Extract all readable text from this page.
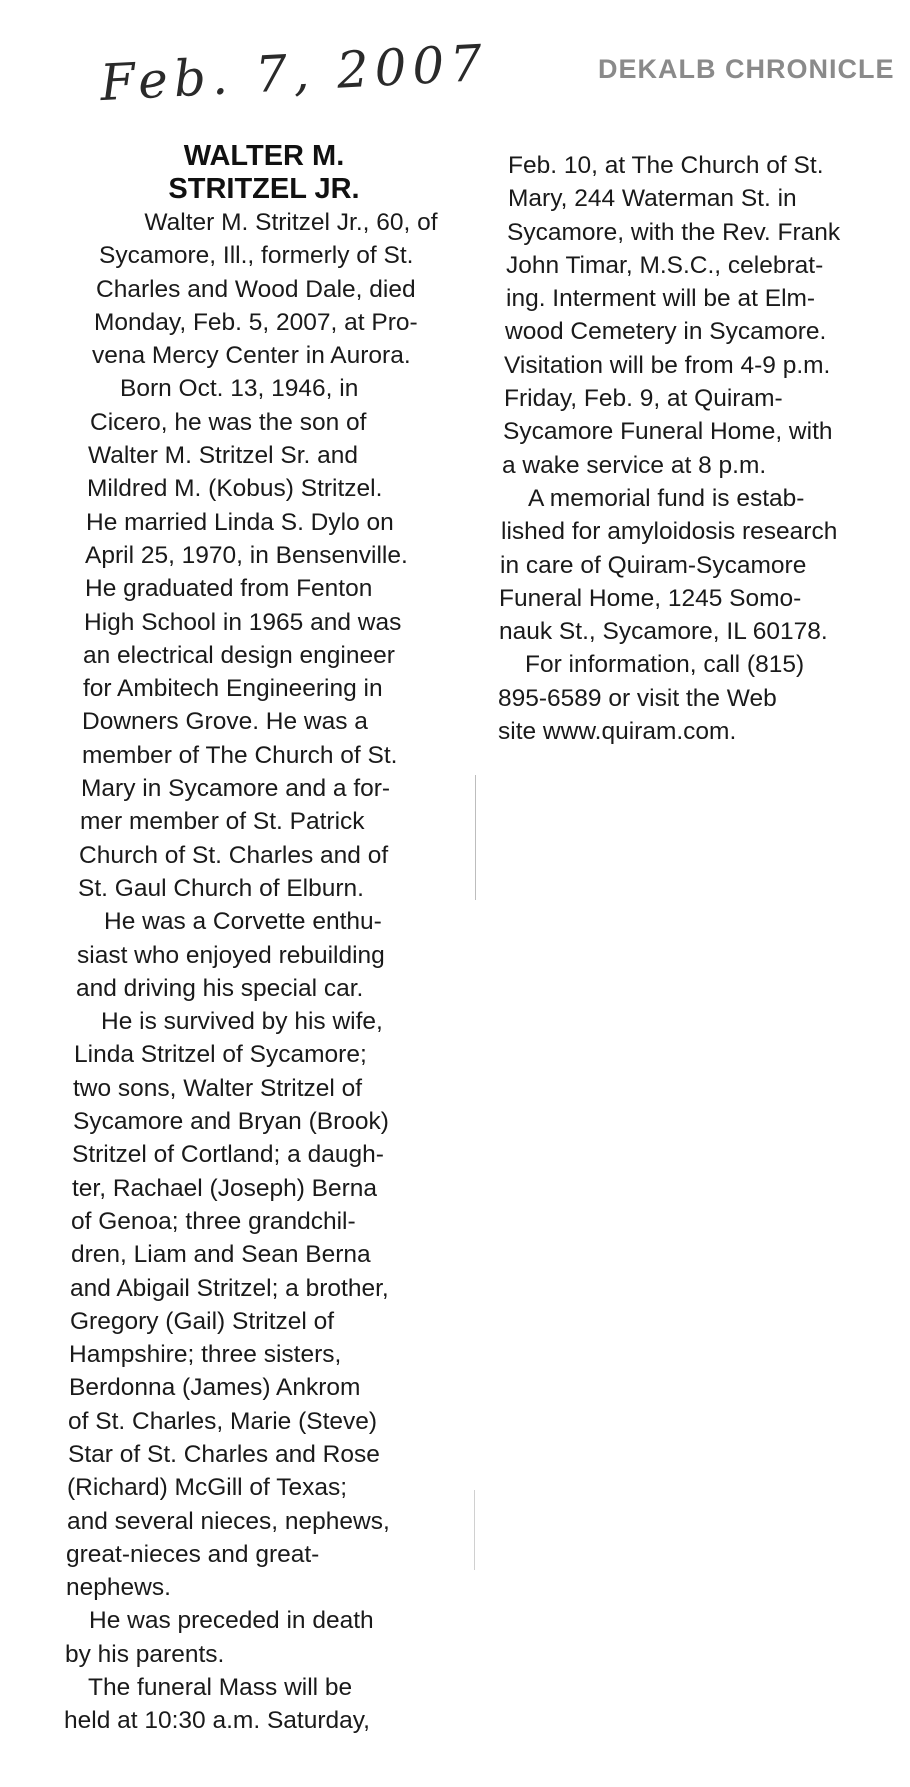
Feb. 7, 2007	DEKALB CHRONICLE
WALTER M.
STRITZEL JR.

Walter M. Stritzel Jr., 60, of

Sycamore, Ill., formerly of St.

Charles and Wood Dale, died

Monday, Feb. 5, 2007, at Pro-

vena Mercy Center in Aurora.

Born Oct. 13, 1946, in

Cicero, he was the son of

Walter M. Stritzel Sr. and

Mildred M. (Kobus) Stritzel.

He married Linda S. Dylo on

April 25, 1970, in Bensenville.

He graduated from Fenton

High School in 1965 and was

an electrical design engineer

for Ambitech Engineering in

Downers Grove. He was a

member of The Church of St.

Mary in Sycamore and a for-

mer member of St. Patrick

Church of St. Charles and of

St. Gaul Church of Elburn.

He was a Corvette enthu-

siast who enjoyed rebuilding

and driving his special car.

He is survived by his wife,

Linda Stritzel of Sycamore;

two sons, Walter Stritzel of

Sycamore and Bryan (Brook)

Stritzel of Cortland; a daugh-

ter, Rachael (Joseph) Berna

of Genoa; three grandchil-

dren, Liam and Sean Berna

and Abigail Stritzel; a brother,

Gregory (Gail) Stritzel of

Hampshire; three sisters,

Berdonna (James) Ankrom

of St. Charles, Marie (Steve)

Star of St. Charles and Rose

(Richard) McGill of Texas;

and several nieces, nephews,

great-nieces and great-

nephews.

He was preceded in death

by his parents.

The funeral Mass will be

held at 10:30 a.m. Saturday,

Feb. 10, at The Church of St.

Mary, 244 Waterman St. in

Sycamore, with the Rev. Frank

John Timar, M.S.C., celebrat-

ing. Interment will be at Elm-

wood Cemetery in Sycamore.

Visitation will be from 4-9 p.m.

Friday, Feb. 9, at Quiram-

Sycamore Funeral Home, with

a wake service at 8 p.m.

A memorial fund is estab-

lished for amyloidosis research

in care of Quiram-Sycamore

Funeral Home, 1245 Somo-

nauk St., Sycamore, IL 60178.

For information, call (815)

895-6589 or visit the Web

site www.quiram.com.
